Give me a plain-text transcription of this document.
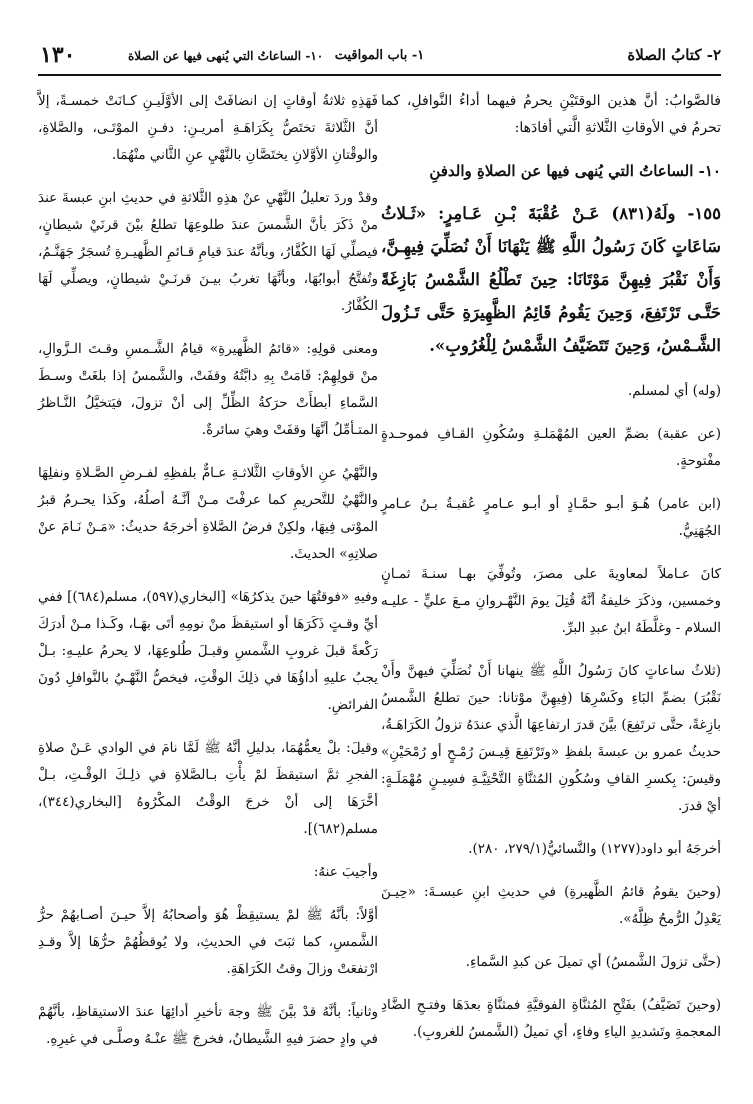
٢- كتابُ الصلاة
١- باب المواقيت
١٠- الساعاتُ التي يُنهى فيها عن الصلاة
١٣٠

فالصَّوابُ: أنَّ هذين الوقتَيْنِ يحرمُ فيهما أداءُ النَّوافلِ، كما تحرمُ في الأوقاتِ الثَّلاثةِ الَّتي أفادَها:

١٠- الساعاتُ التي يُنهى فيها عن الصلاةِ والدفنِ

١٥٥- ولَهُ(٨٣١) عَـنْ عُقْبَةَ بْـنِ عَـامِرٍ: «ثَـلاثُ سَاعَاتٍ كَانَ رَسُولُ اللَّهِ ﷺ يَنْهَانَا أَنْ نُصَلِّيَ فِيهِـنَّ، وَأَنْ نَقْبُرَ فِيهِنَّ مَوْتَانَا: حِينَ تَطْلُعُ الشَّمْسُ بَازِغَةً حَتَّـى تَرْتَفِعَ، وَحِينَ يَقُومُ قَائِمُ الظَّهِيرَةِ حَتَّى تَـزُولَ الشَّـمْسُ، وَحِينَ تَتَضَيَّفُ الشَّمْسُ لِلْغُرُوبِ».

(وله) أي لمسلم.

(عن عقبة) بضمِّ العين المُهْمَلـةِ وسُكُونِ القـافِ فموحـدةٍ مفْتوحةٍ.

(ابن عامر) هُـوَ أبـو حمَّـادٍ أو أبـو عـامرٍ عُقبـةُ بـنُ عـامرٍ الجُهَنِيُّ.

كانَ عـاملاً لمعاويةَ على مصرَ، وتُوفِّيَ بهـا سنـةَ ثمـانٍ وخمسين، وذكَرَ خليفةُ أنَّهُ قُتِلَ يومَ النَّهْـروانِ مـعَ عليٍّ - عليـه السلام - وغلَّطَهُ ابنُ عبدِ البرِّ.

(ثلاثُ ساعاتٍ كانَ رَسُولُ اللَّهِ ﷺ ينهانا أَنْ نُصَلِّيَ فيهنَّ وأَنْ نَقْبُرَ) بضمِّ البَاءِ وكَسْرِهَا (فِيهِنَّ موْتانا: حينَ تطلعُ الشَّمسُ بازِغةً، حتَّى ترتَفِعَ) بيَّنَ قدرَ ارتفاعِهَا الَّذي عندَهُ تزولُ الكَرَاهَـةُ، حديثُ عمرو بن عبسةَ بلفظِ «وتَرْتَفِعَ قِيـسَ رُمْـحٍ أو رُمْحَيْنِ» وقيسَ: بِكسرِ القافِ وسُكُونِ المُثنَّاةِ التَّحْتِيَّـةِ فسِيـنٍ مُهْمَلَـةٍ: أيْ قدرَ.

أخرجَهُ أبو داود(١٢٧٧) والنَّسائيُّ(٢٧٩/١، ٢٨٠).

(وحينَ يقومُ قائمُ الظَّهيرةِ) في حديثِ ابنِ عبسـةَ: «حِيـنَ يَعْدِلُ الرُّمحُ ظِلَّهُ».

(حتَّى تزولَ الشَّمسُ) أي تميلَ عن كبدِ السَّماءِ.

(وحينَ تَضَيَّفُ) بفَتْحِ المُثنَّاةِ الفوقيَّةِ فمثنَّاةٍ بعدَهَا وفتـحِ الضَّادِ المعجمةِ وتَشديدِ الياءِ وفاءٍ، أي تميلُ (الشَّمسُ للغروبِ).

فَهَذِهِ ثلاثةُ أوقاتٍ إن انضافَتْ إلى الأوَّلَيـنِ كـانَتْ خمسـةً، إلاَّ أنَّ الثَّلاثةَ تختَصُّ بِكَرَاهَـةِ أمريـنِ: دفـنِ الموْتَـى، والصَّلاةِ، والوقْتانِ الأوَّلانِ يختَصَّانِ بالنَّهْيِ عنِ الثَّاني منْهُمَا.

وقدْ وردَ تعليلُ النَّهْيِ عنْ هذِهِ الثَّلاثةِ في حديثِ ابنِ عبسةَ عندَ منْ ذَكَرَ بأنَّ الشَّمسَ عندَ طلوعِهَا تطلعُ بيْنَ قرنَيْ شيطانٍ، فيصلِّي لَهَا الكُفَّارُ، وبأنَّهُ عندَ قيامِ قـائمِ الظَّهيـرةِ تُسجَرُ جَهَنَّـمُ، وتُفتَّحُ أبوابُهَا، وبأنَّهَا تغربُ بيـنَ قرنَـيْ شيطانٍ، ويصلِّي لَهَا الكُفَّارُ.

ومعنى قولِهِ: «قائمُ الظَّهيرةِ» قيامُ الشَّـمسِ وقـتَ الـزَّوالِ، منْ قولِهِمْ: قَامَتْ بِهِ دابَّتُهُ وقفَتْ، والشَّمسُ إذا بلغَتْ وسـطَ السَّماءِ أبطأَتْ حرَكةُ الظِّلِّ إلى أنْ تزولَ، فيَتخيَّلُ النَّـاظرُ المتـأمِّلُ أنَّهَا وقفَتْ وهيَ سائرةٌ.

والنَّهْيُ عنِ الأوقاتِ الثَّلاثـةِ عـامٌّ بلفظِهِ لفـرضِ الصَّـلاةِ ونفلِهَا والنَّهْيُ للتَّحريمِ كما عرفْتَ مـنْ أنَّـهُ أصلُهُ، وكَذا يحـرمُ قبرُ الموْتى فِيهَا، ولكِنْ فرضُ الصَّلاةِ أخرجَهُ حديثُ: «مَـنْ نَـامَ عنْ صلاتِهِ» الحديثَ.

وفيهِ «فوقتُهَا حينَ يذكرُهَا» [البخاري(٥٩٧)، مسلم(٦٨٤)] ففي أيِّ وقـتٍ ذَكَرَهَا أو استيقظَ منْ نومِهِ أتَى بهَـا، وكَـذا مـنْ أدرَكَ رَكْعةً قبلَ غروبِ الشَّمسِ وقبـلَ طُلوعِهَا، لا يحرمُ عليـهِ: بـلْ يجبُ عليهِ أداؤُهَا في ذلِكَ الوقْتِ، فيخصُّ النَّهْـيُ بالنَّوافلِ دُونَ الفرائضِ.

وقيلَ: بلْ يعمُّهُمَا، بدليلِ أنَّهُ ﷺ لَمَّا نامَ في الوادي عَـنْ صلاةِ الفجرِ ثمَّ استيقظَ لمْ يأْتِ بـالصَّلاةِ في ذلِـكَ الوقْـتِ، بـلْ أخَّرَهَا إلى أنْ خرجَ الوقْتُ المكْرُوهُ [البخاري(٣٤٤)، مسلم(٦٨٢)].

وأجيبَ عنهُ:

أوَّلاً: بأنَّهُ ﷺ لمْ يستيقِظْ هُوَ وأصحابُهُ إلاَّ حيـنَ أصـابهُمْ حرُّ الشَّمسِ، كما ثبَتَ في الحديثِ، ولا يُوقظُهُمْ حرُّهَا إلاَّ وقـدِ ارْتفعَتْ وزالَ وقتُ الكَرَاهَةِ.

وثانياً: بأنَّهُ قدْ بيَّنَ ﷺ وجهَ تأخيرِ أدائِهَا عندَ الاستيقاظِ، بأنَّهُمْ في وادٍ حضرَ فيهِ الشَّيطانُ، فخرجَ ﷺ عنْـهُ وصلَّـى في غيرِهِ.
